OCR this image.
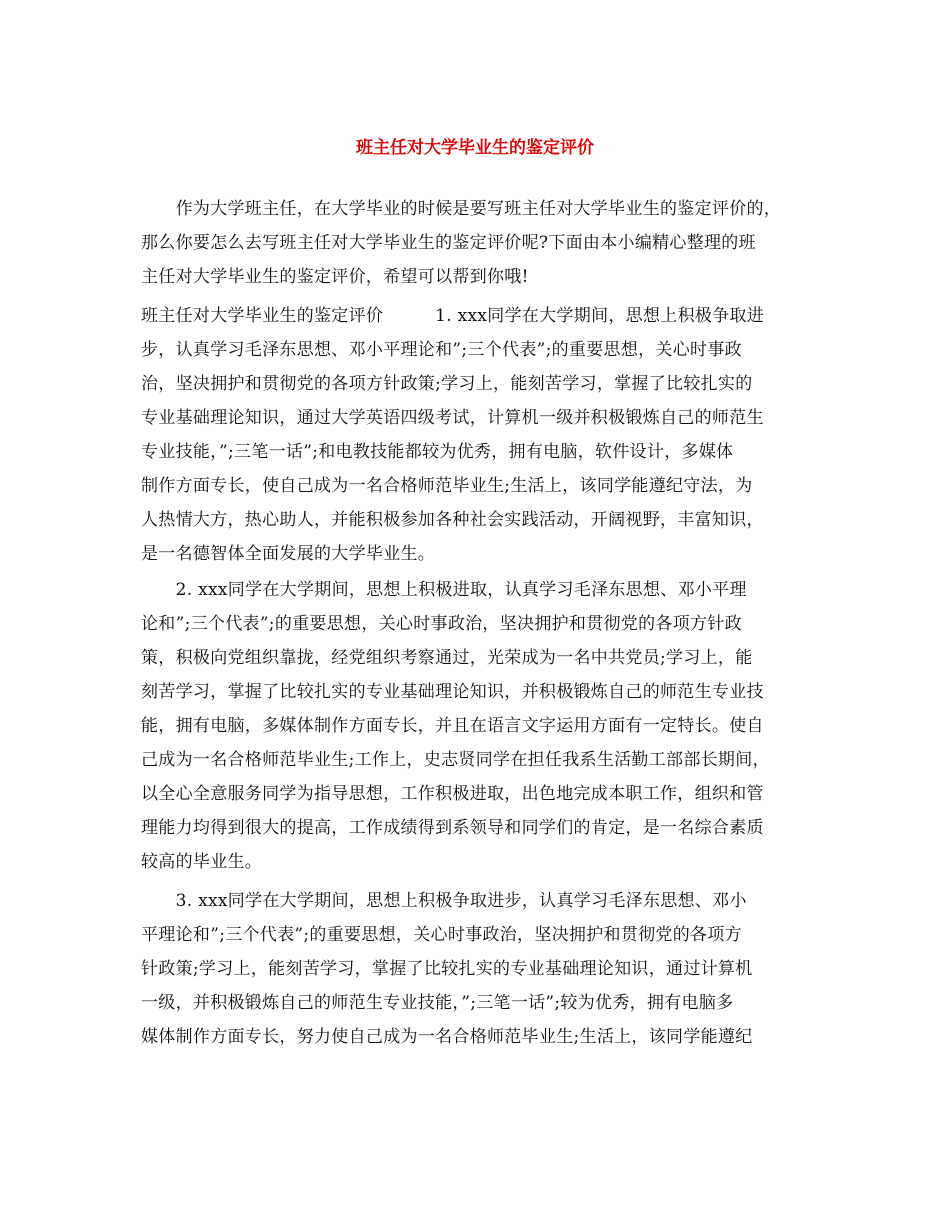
班主任对大学毕业生的鉴定评价
　　作为大学班主任，在大学毕业的时候是要写班主任对大学毕业生的鉴定评价的，
那么你要怎么去写班主任对大学毕业生的鉴定评价呢?下面由本小编精心整理的班
主任对大学毕业生的鉴定评价，希望可以帮到你哦!
班主任对大学毕业生的鉴定评价　　　1. xxx同学在大学期间，思想上积极争取进
步，认真学习毛泽东思想、邓小平理论和”;三个代表”;的重要思想，关心时事政
治，坚决拥护和贯彻党的各项方针政策;学习上，能刻苦学习，掌握了比较扎实的
专业基础理论知识，通过大学英语四级考试，计算机一级并积极锻炼自己的师范生
专业技能，”;三笔一话”;和电教技能都较为优秀，拥有电脑，软件设计，多媒体
制作方面专长，使自己成为一名合格师范毕业生;生活上，该同学能遵纪守法，为
人热情大方，热心助人，并能积极参加各种社会实践活动，开阔视野，丰富知识，
是一名德智体全面发展的大学毕业生。
　　2. xxx同学在大学期间，思想上积极进取，认真学习毛泽东思想、邓小平理
论和”;三个代表”;的重要思想，关心时事政治，坚决拥护和贯彻党的各项方针政
策，积极向党组织靠拢，经党组织考察通过，光荣成为一名中共党员;学习上，能
刻苦学习，掌握了比较扎实的专业基础理论知识，并积极锻炼自己的师范生专业技
能，拥有电脑，多媒体制作方面专长，并且在语言文字运用方面有一定特长。使自
己成为一名合格师范毕业生;工作上，史志贤同学在担任我系生活勤工部部长期间，
以全心全意服务同学为指导思想，工作积极进取，出色地完成本职工作，组织和管
理能力均得到很大的提高，工作成绩得到系领导和同学们的肯定，是一名综合素质
较高的毕业生。
　　3. xxx同学在大学期间，思想上积极争取进步，认真学习毛泽东思想、邓小
平理论和”;三个代表”;的重要思想，关心时事政治，坚决拥护和贯彻党的各项方
针政策;学习上，能刻苦学习，掌握了比较扎实的专业基础理论知识，通过计算机
一级，并积极锻炼自己的师范生专业技能，”;三笔一话”;较为优秀，拥有电脑多
媒体制作方面专长，努力使自己成为一名合格师范毕业生;生活上，该同学能遵纪
